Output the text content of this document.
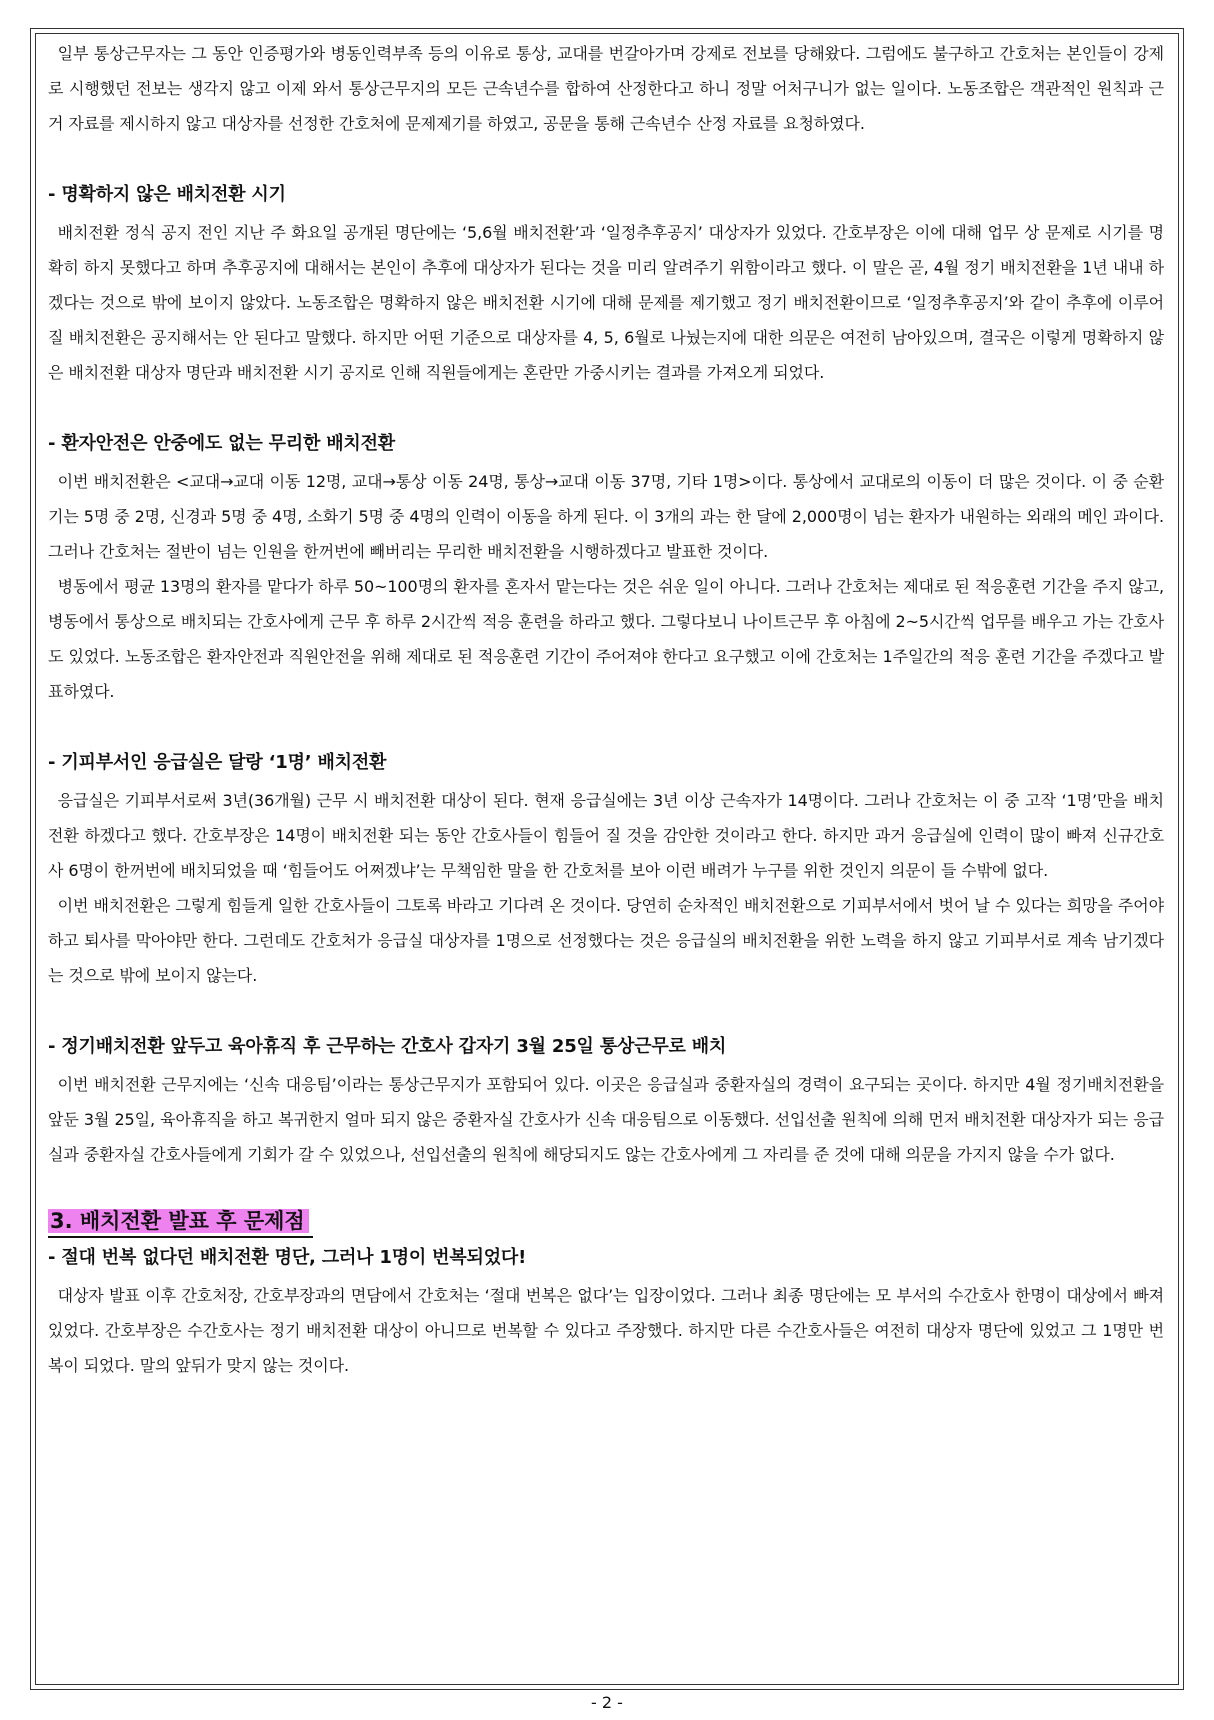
일부 통상근무자는 그 동안 인증평가와 병동인력부족 등의 이유로 통상, 교대를 번갈아가며 강제로 전보를 당해왔다. 그럼에도 불구하고 간호처는 본인들이 강제로 시행했던 전보는 생각지 않고 이제 와서 통상근무지의 모든 근속년수를 합하여 산정한다고 하니 정말 어처구니가 없는 일이다. 노동조합은 객관적인 원칙과 근거 자료를 제시하지 않고 대상자를 선정한 간호처에 문제제기를 하였고, 공문을 통해 근속년수 산정 자료를 요청하였다.

- 명확하지 않은 배치전환 시기

배치전환 정식 공지 전인 지난 주 화요일 공개된 명단에는 ‘5,6월 배치전환’과 ‘일정추후공지’ 대상자가 있었다. 간호부장은 이에 대해 업무 상 문제로 시기를 명확히 하지 못했다고 하며 추후공지에 대해서는 본인이 추후에 대상자가 된다는 것을 미리 알려주기 위함이라고 했다. 이 말은 곧, 4월 정기 배치전환을 1년 내내 하겠다는 것으로 밖에 보이지 않았다. 노동조합은 명확하지 않은 배치전환 시기에 대해 문제를 제기했고 정기 배치전환이므로 ‘일정추후공지’와 같이 추후에 이루어질 배치전환은 공지해서는 안 된다고 말했다. 하지만 어떤 기준으로 대상자를 4, 5, 6월로 나눴는지에 대한 의문은 여전히 남아있으며, 결국은 이렇게 명확하지 않은 배치전환 대상자 명단과 배치전환 시기 공지로 인해 직원들에게는 혼란만 가중시키는 결과를 가져오게 되었다.

- 환자안전은 안중에도 없는 무리한 배치전환

이번 배치전환은 <교대→교대 이동 12명, 교대→통상 이동 24명, 통상→교대 이동 37명, 기타 1명>이다. 통상에서 교대로의 이동이 더 많은 것이다. 이 중 순환기는 5명 중 2명, 신경과 5명 중 4명, 소화기 5명 중 4명의 인력이 이동을 하게 된다. 이 3개의 과는 한 달에 2,000명이 넘는 환자가 내원하는 외래의 메인 과이다. 그러나 간호처는 절반이 넘는 인원을 한꺼번에 빼버리는 무리한 배치전환을 시행하겠다고 발표한 것이다.

병동에서 평균 13명의 환자를 맡다가 하루 50~100명의 환자를 혼자서 맡는다는 것은 쉬운 일이 아니다. 그러나 간호처는 제대로 된 적응훈련 기간을 주지 않고, 병동에서 통상으로 배치되는 간호사에게 근무 후 하루 2시간씩 적응 훈련을 하라고 했다. 그렇다보니 나이트근무 후 아침에 2~5시간씩 업무를 배우고 가는 간호사도 있었다. 노동조합은 환자안전과 직원안전을 위해 제대로 된 적응훈련 기간이 주어져야 한다고 요구했고 이에 간호처는 1주일간의 적응 훈련 기간을 주겠다고 발표하였다.

- 기피부서인 응급실은 달랑 ‘1명’ 배치전환

응급실은 기피부서로써 3년(36개월) 근무 시 배치전환 대상이 된다. 현재 응급실에는 3년 이상 근속자가 14명이다. 그러나 간호처는 이 중 고작 ‘1명’만을 배치전환 하겠다고 했다. 간호부장은 14명이 배치전환 되는 동안 간호사들이 힘들어 질 것을 감안한 것이라고 한다. 하지만 과거 응급실에 인력이 많이 빠져 신규간호사 6명이 한꺼번에 배치되었을 때 ‘힘들어도 어쩌겠냐’는 무책임한 말을 한 간호처를 보아 이런 배려가 누구를 위한 것인지 의문이 들 수밖에 없다.

이번 배치전환은 그렇게 힘들게 일한 간호사들이 그토록 바라고 기다려 온 것이다. 당연히 순차적인 배치전환으로 기피부서에서 벗어 날 수 있다는 희망을 주어야 하고 퇴사를 막아야만 한다. 그런데도 간호처가 응급실 대상자를 1명으로 선정했다는 것은 응급실의 배치전환을 위한 노력을 하지 않고 기피부서로 계속 남기겠다는 것으로 밖에 보이지 않는다.

- 정기배치전환 앞두고 육아휴직 후 근무하는 간호사 갑자기 3월 25일 통상근무로 배치

이번 배치전환 근무지에는 ‘신속 대응팀’이라는 통상근무지가 포함되어 있다. 이곳은 응급실과 중환자실의 경력이 요구되는 곳이다. 하지만 4월 정기배치전환을 앞둔 3월 25일, 육아휴직을 하고 복귀한지 얼마 되지 않은 중환자실 간호사가 신속 대응팀으로 이동했다. 선입선출 원칙에 의해 먼저 배치전환 대상자가 되는 응급실과 중환자실 간호사들에게 기회가 갈 수 있었으나, 선입선출의 원칙에 해당되지도 않는 간호사에게 그 자리를 준 것에 대해 의문을 가지지 않을 수가 없다.

3. 배치전환 발표 후 문제점
- 절대 번복 없다던 배치전환 명단, 그러나 1명이 번복되었다!

대상자 발표 이후 간호처장, 간호부장과의 면담에서 간호처는 ‘절대 번복은 없다’는 입장이었다. 그러나 최종 명단에는 모 부서의 수간호사 한명이 대상에서 빠져있었다. 간호부장은 수간호사는 정기 배치전환 대상이 아니므로 번복할 수 있다고 주장했다. 하지만 다른 수간호사들은 여전히 대상자 명단에 있었고 그 1명만 번복이 되었다. 말의 앞뒤가 맞지 않는 것이다.

- 2 -
